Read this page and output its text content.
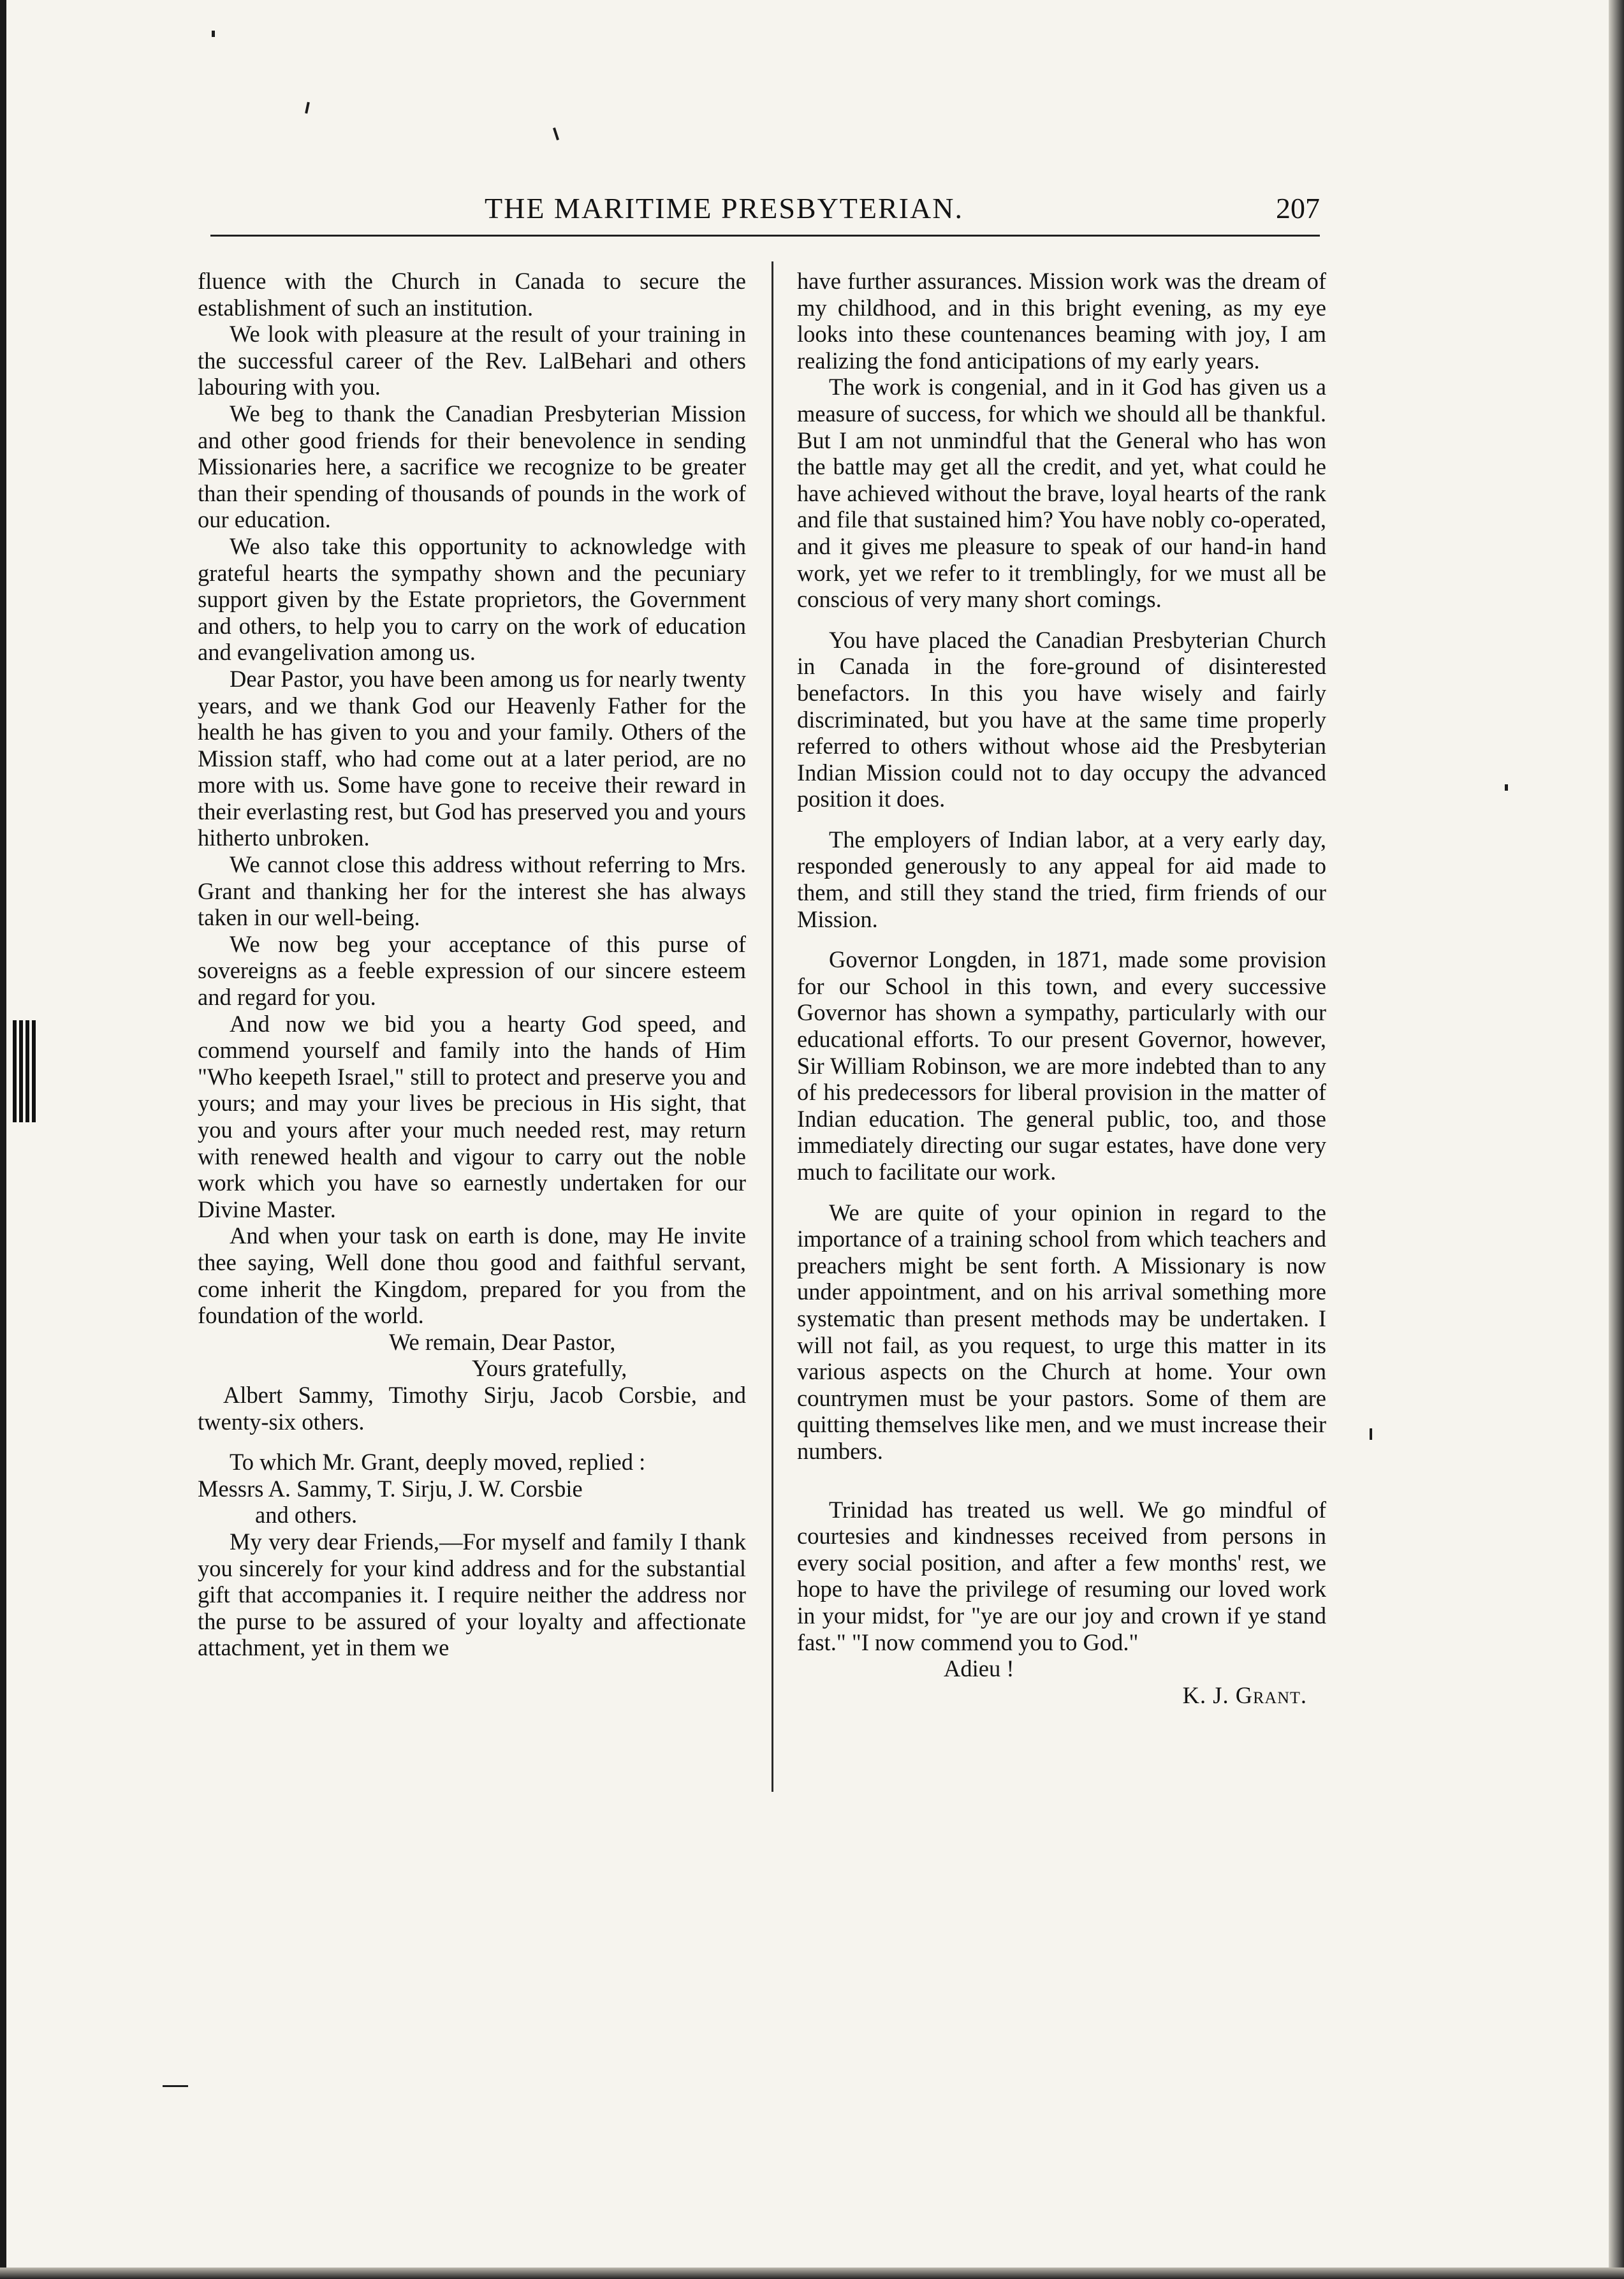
THE MARITIME PRESBYTERIAN.	207

fluence with the Church in Canada to secure the establishment of such an institution.

We look with pleasure at the result of your training in the successful career of the Rev. LalBehari and others labouring with you.

We beg to thank the Canadian Presbyterian Mission and other good friends for their benevolence in sending Missionaries here, a sacrifice we recognize to be greater than their spending of thousands of pounds in the work of our education.

We also take this opportunity to acknowledge with grateful hearts the sympathy shown and the pecuniary support given by the Estate proprietors, the Government and others, to help you to carry on the work of education and evangelivation among us.

Dear Pastor, you have been among us for nearly twenty years, and we thank God our Heavenly Father for the health he has given to you and your family. Others of the Mission staff, who had come out at a later period, are no more with us. Some have gone to receive their reward in their everlasting rest, but God has preserved you and yours hitherto unbroken.

We cannot close this address without referring to Mrs. Grant and thanking her for the interest she has always taken in our well-being.

We now beg your acceptance of this purse of sovereigns as a feeble expression of our sincere esteem and regard for you.

And now we bid you a hearty God speed, and commend yourself and family into the hands of Him "Who keepeth Israel," still to protect and preserve you and yours; and may your lives be precious in His sight, that you and yours after your much needed rest, may return with renewed health and vigour to carry out the noble work which you have so earnestly undertaken for our Divine Master.

And when your task on earth is done, may He invite thee saying, Well done thou good and faithful servant, come inherit the Kingdom, prepared for you from the foundation of the world.

We remain, Dear Pastor,

Yours gratefully,

Albert Sammy, Timothy Sirju, Jacob Corsbie, and twenty-six others.

To which Mr. Grant, deeply moved, replied :

Messrs A. Sammy, T. Sirju, J. W. Corsbie

and others.

My very dear Friends,—For myself and family I thank you sincerely for your kind address and for the substantial gift that accompanies it. I require neither the address nor the purse to be assured of your loyalty and affectionate attachment, yet in them we

have further assurances. Mission work was the dream of my childhood, and in this bright evening, as my eye looks into these countenances beaming with joy, I am realizing the fond anticipations of my early years.

The work is congenial, and in it God has given us a measure of success, for which we should all be thankful. But I am not unmindful that the General who has won the battle may get all the credit, and yet, what could he have achieved without the brave, loyal hearts of the rank and file that sustained him? You have nobly co-operated, and it gives me pleasure to speak of our hand-in hand work, yet we refer to it tremblingly, for we must all be conscious of very many short comings.

You have placed the Canadian Presbyterian Church in Canada in the fore-ground of disinterested benefactors. In this you have wisely and fairly discriminated, but you have at the same time properly referred to others without whose aid the Presbyterian Indian Mission could not to day occupy the advanced position it does.

The employers of Indian labor, at a very early day, responded generously to any appeal for aid made to them, and still they stand the tried, firm friends of our Mission.

Governor Longden, in 1871, made some provision for our School in this town, and every successive Governor has shown a sympathy, particularly with our educational efforts. To our present Governor, however, Sir William Robinson, we are more indebted than to any of his predecessors for liberal provision in the matter of Indian education. The general public, too, and those immediately directing our sugar estates, have done very much to facilitate our work.

We are quite of your opinion in regard to the importance of a training school from which teachers and preachers might be sent forth. A Missionary is now under appointment, and on his arrival something more systematic than present methods may be undertaken. I will not fail, as you request, to urge this matter in its various aspects on the Church at home. Your own countrymen must be your pastors. Some of them are quitting themselves like men, and we must increase their numbers.

Trinidad has treated us well. We go mindful of courtesies and kindnesses received from persons in every social position, and after a few months' rest, we hope to have the privilege of resuming our loved work in your midst, for "ye are our joy and crown if ye stand fast." "I now commend you to God."

Adieu !

K. J. Grant.
